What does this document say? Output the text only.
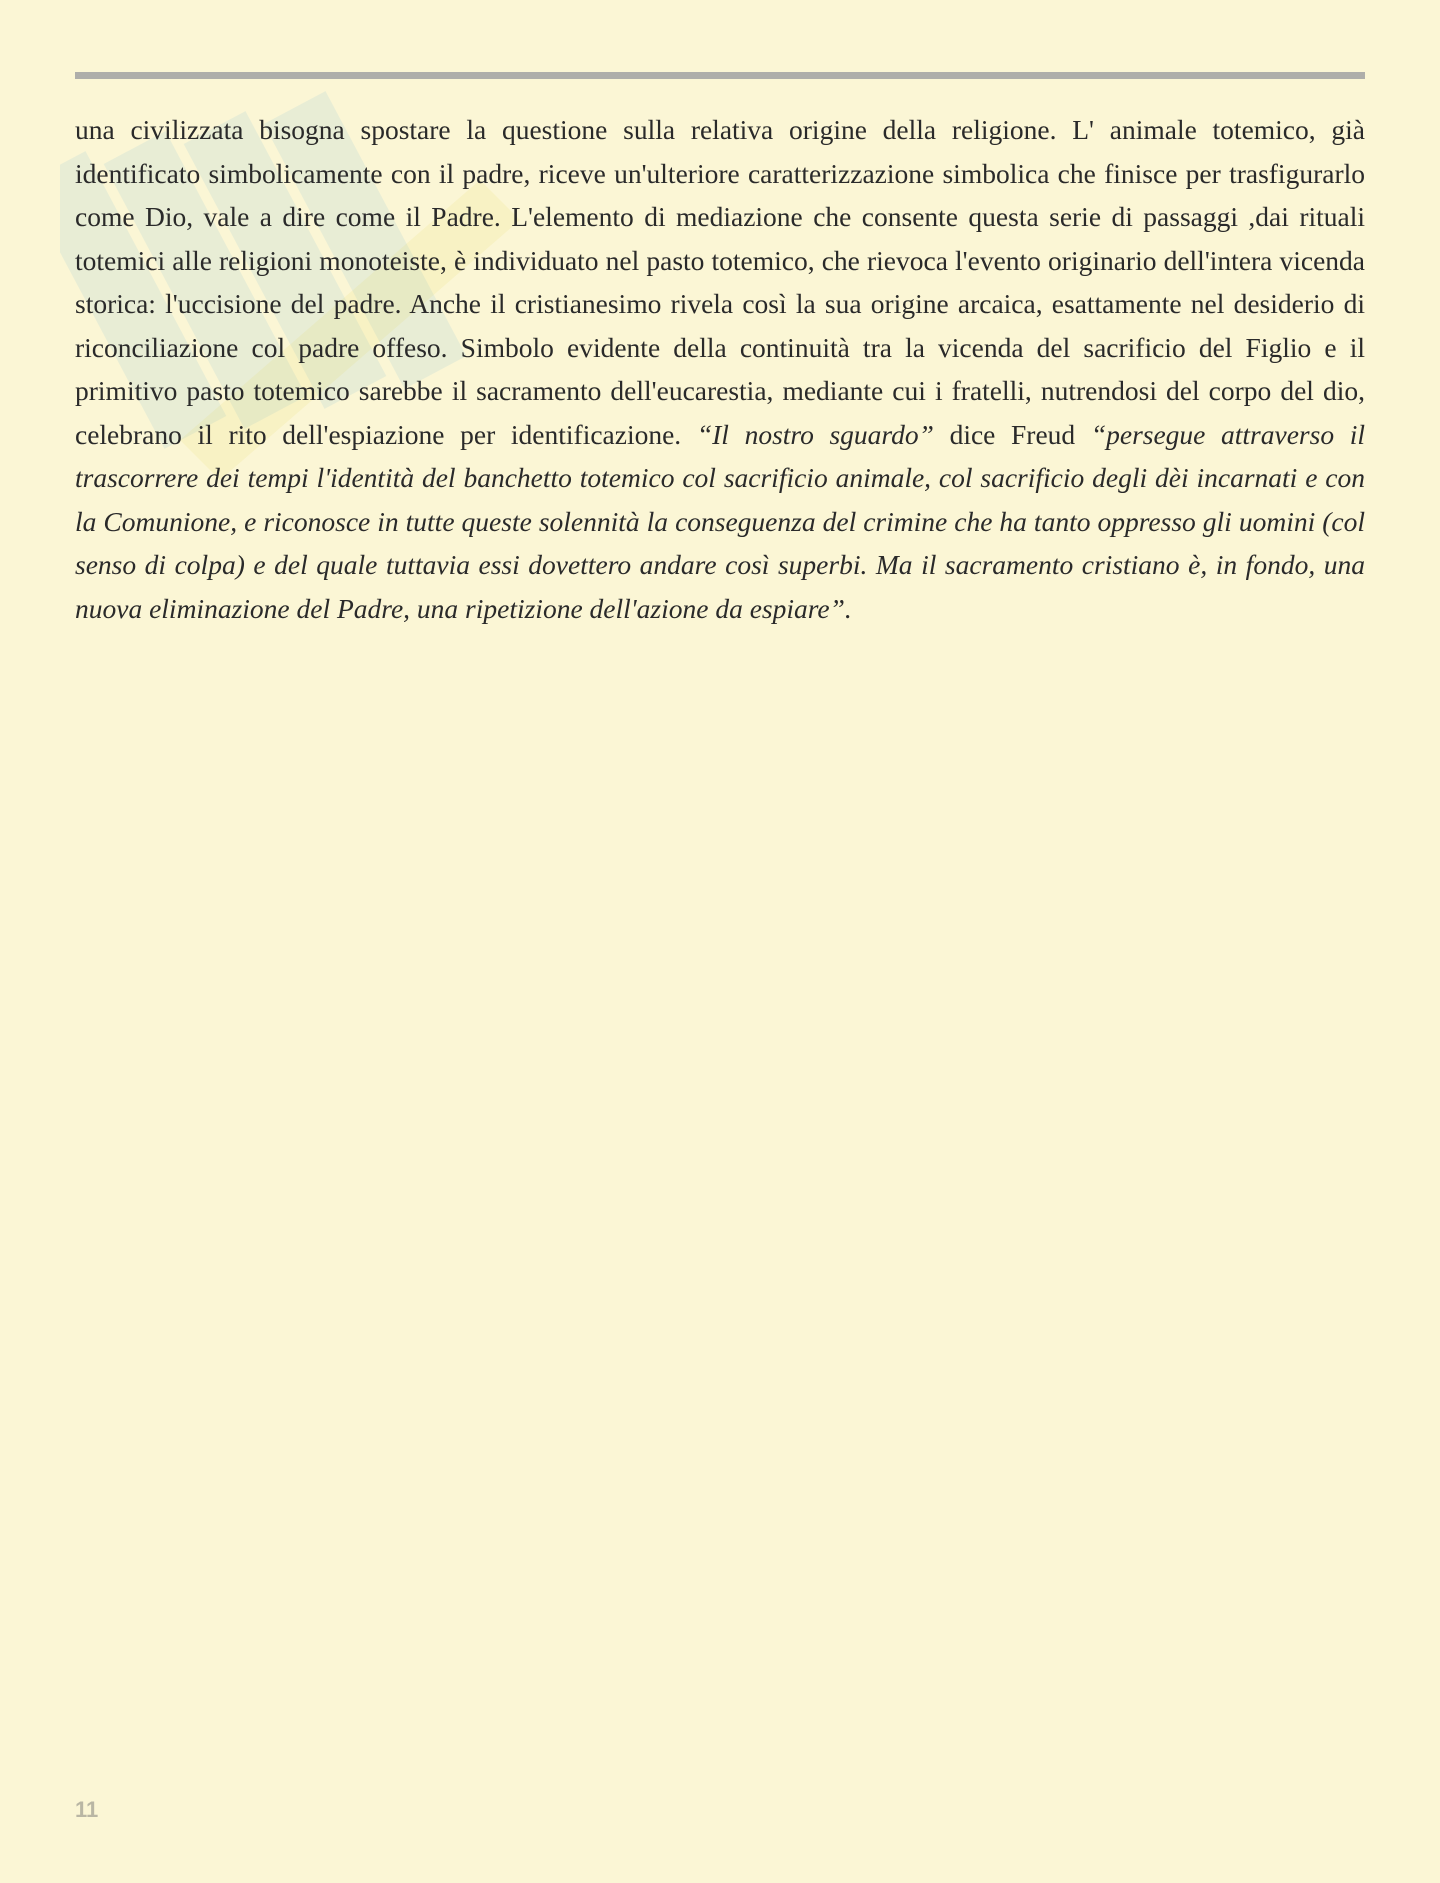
una civilizzata bisogna spostare la questione sulla relativa origine della religione. L' animale totemico, già identificato simbolicamente con il padre, riceve un'ulteriore caratterizzazione simbolica che finisce per trasfigurarlo come Dio, vale a dire come il Padre. L'elemento di mediazione che consente questa serie di passaggi ,dai rituali totemici alle religioni monoteiste, è individuato nel pasto totemico, che rievoca l'evento originario dell'intera vicenda storica: l'uccisione del padre. Anche il cristianesimo rivela così la sua origine arcaica, esattamente nel desiderio di riconciliazione col padre offeso. Simbolo evidente della continuità tra la vicenda del sacrificio del Figlio e il primitivo pasto totemico sarebbe il sacramento dell'eucarestia, mediante cui i fratelli, nutrendosi del corpo del dio, celebrano il rito dell'espiazione per identificazione. “Il nostro sguardo” dice Freud “persegue attraverso il trascorrere dei tempi l'identità del banchetto totemico col sacrificio animale, col sacrificio degli dèi incarnati e con la Comunione, e riconosce in tutte queste solennità la conseguenza del crimine che ha tanto oppresso gli uomini (col senso di colpa) e del quale tuttavia essi dovettero andare così superbi. Ma il sacramento cristiano è, in fondo, una nuova eliminazione del Padre, una ripetizione dell'azione da espiare”.

11
